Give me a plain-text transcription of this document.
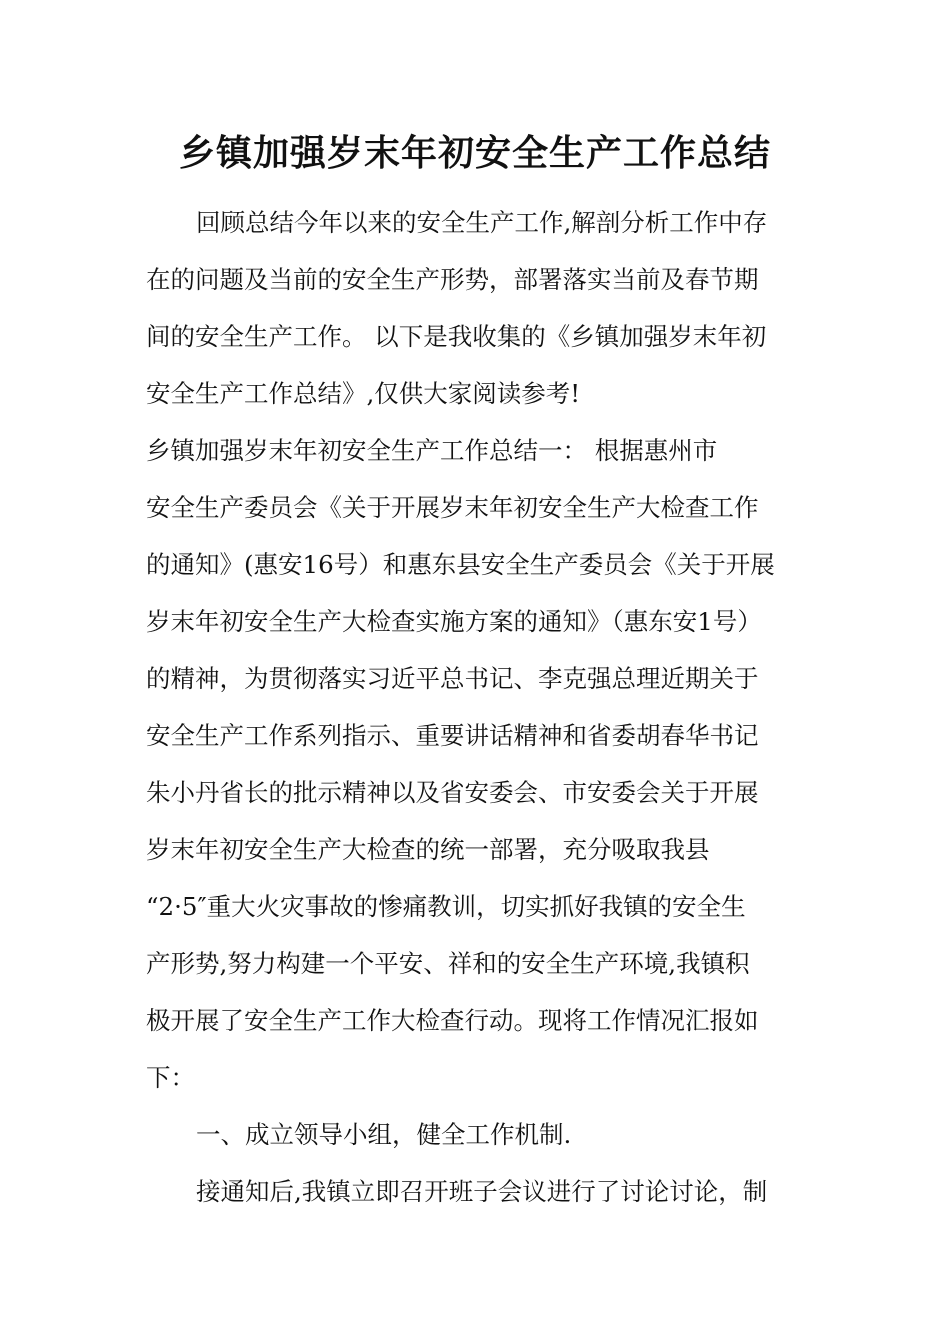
乡镇加强岁末年初安全生产工作总结
回顾总结今年以来的安全生产工作,解剖分析工作中存
在的问题及当前的安全生产形势，部署落实当前及春节期
间的安全生产工作。 以下是我收集的《乡镇加强岁末年初
安全生产工作总结》,仅供大家阅读参考!
乡镇加强岁末年初安全生产工作总结一： 根据惠州市
安全生产委员会《关于开展岁末年初安全生产大检查工作
的通知》(惠安16号）和惠东县安全生产委员会《关于开展
岁末年初安全生产大检查实施方案的通知》（惠东安1号）
的精神，为贯彻落实习近平总书记、李克强总理近期关于
安全生产工作系列指示、重要讲话精神和省委胡春华书记
朱小丹省长的批示精神以及省安委会、市安委会关于开展
岁末年初安全生产大检查的统一部署，充分吸取我县
“2·5″重大火灾事故的惨痛教训，切实抓好我镇的安全生
产形势,努力构建一个平安、祥和的安全生产环境,我镇积
极开展了安全生产工作大检查行动。现将工作情况汇报如
下：
一、成立领导小组，健全工作机制.
接通知后,我镇立即召开班子会议进行了讨论讨论，制
